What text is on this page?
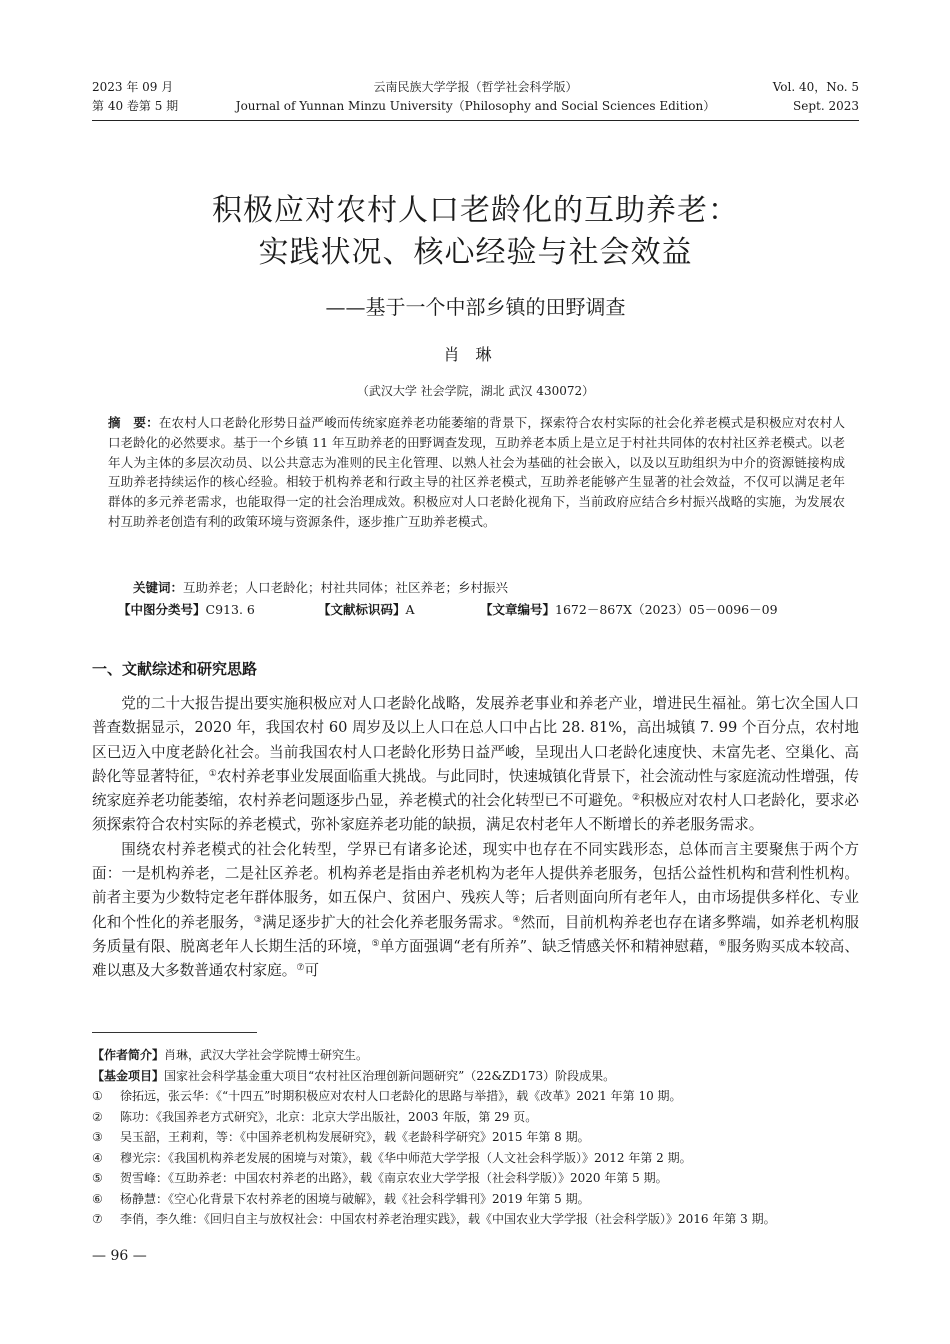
2023 年 09 月
第 40 卷第 5 期
云南民族大学学报（哲学社会科学版）
Journal of Yunnan Minzu University（Philosophy and Social Sciences Edition）
Vol. 40，No. 5
Sept. 2023
积极应对农村人口老龄化的互助养老：
实践状况、核心经验与社会效益
——基于一个中部乡镇的田野调查
肖琳
（武汉大学 社会学院，湖北 武汉 430072）
摘　要：在农村人口老龄化形势日益严峻而传统家庭养老功能萎缩的背景下，探索符合农村实际的社会化养老模式是积极应对农村人口老龄化的必然要求。基于一个乡镇 11 年互助养老的田野调查发现，互助养老本质上是立足于村社共同体的农村社区养老模式。以老年人为主体的多层次动员、以公共意志为准则的民主化管理、以熟人社会为基础的社会嵌入，以及以互助组织为中介的资源链接构成互助养老持续运作的核心经验。相较于机构养老和行政主导的社区养老模式，互助养老能够产生显著的社会效益，不仅可以满足老年群体的多元养老需求，也能取得一定的社会治理成效。积极应对人口老龄化视角下，当前政府应结合乡村振兴战略的实施，为发展农村互助养老创造有利的政策环境与资源条件，逐步推广互助养老模式。
关键词：互助养老；人口老龄化；村社共同体；社区养老；乡村振兴
【中图分类号】C913. 6	【文献标识码】A	【文章编号】1672－867X（2023）05－0096－09
一、文献综述和研究思路

党的二十大报告提出要实施积极应对人口老龄化战略，发展养老事业和养老产业，增进民生福祉。第七次全国人口普查数据显示，2020 年，我国农村 60 周岁及以上人口在总人口中占比 28. 81%，高出城镇 7. 99 个百分点，农村地区已迈入中度老龄化社会。当前我国农村人口老龄化形势日益严峻，呈现出人口老龄化速度快、未富先老、空巢化、高龄化等显著特征，①农村养老事业发展面临重大挑战。与此同时，快速城镇化背景下，社会流动性与家庭流动性增强，传统家庭养老功能萎缩，农村养老问题逐步凸显，养老模式的社会化转型已不可避免。②积极应对农村人口老龄化，要求必须探索符合农村实际的养老模式，弥补家庭养老功能的缺损，满足农村老年人不断增长的养老服务需求。

围绕农村养老模式的社会化转型，学界已有诸多论述，现实中也存在不同实践形态，总体而言主要聚焦于两个方面：一是机构养老，二是社区养老。机构养老是指由养老机构为老年人提供养老服务，包括公益性机构和营利性机构。前者主要为少数特定老年群体服务，如五保户、贫困户、残疾人等；后者则面向所有老年人，由市场提供多样化、专业化和个性化的养老服务，③满足逐步扩大的社会化养老服务需求。④然而，目前机构养老也存在诸多弊端，如养老机构服务质量有限、脱离老年人长期生活的环境，⑤单方面强调“老有所养”、缺乏情感关怀和精神慰藉，⑥服务购买成本较高、难以惠及大多数普通农村家庭。⑦可

【作者简介】肖琳，武汉大学社会学院博士研究生。
【基金项目】国家社会科学基金重大项目“农村社区治理创新问题研究”（22&ZD173）阶段成果。
① 徐拓远，张云华：《“十四五”时期积极应对农村人口老龄化的思路与举措》，载《改革》2021 年第 10 期。
② 陈功：《我国养老方式研究》，北京：北京大学出版社，2003 年版，第 29 页。
③ 吴玉韶，王莉莉，等：《中国养老机构发展研究》，载《老龄科学研究》2015 年第 8 期。
④ 穆光宗：《我国机构养老发展的困境与对策》，载《华中师范大学学报（人文社会科学版）》2012 年第 2 期。
⑤ 贺雪峰：《互助养老：中国农村养老的出路》，载《南京农业大学学报（社会科学版）》2020 年第 5 期。
⑥ 杨静慧：《空心化背景下农村养老的困境与破解》，载《社会科学辑刊》2019 年第 5 期。
⑦ 李俏，李久维：《回归自主与放权社会：中国农村养老治理实践》，载《中国农业大学学报（社会科学版）》2016 年第 3 期。
— 96 —
